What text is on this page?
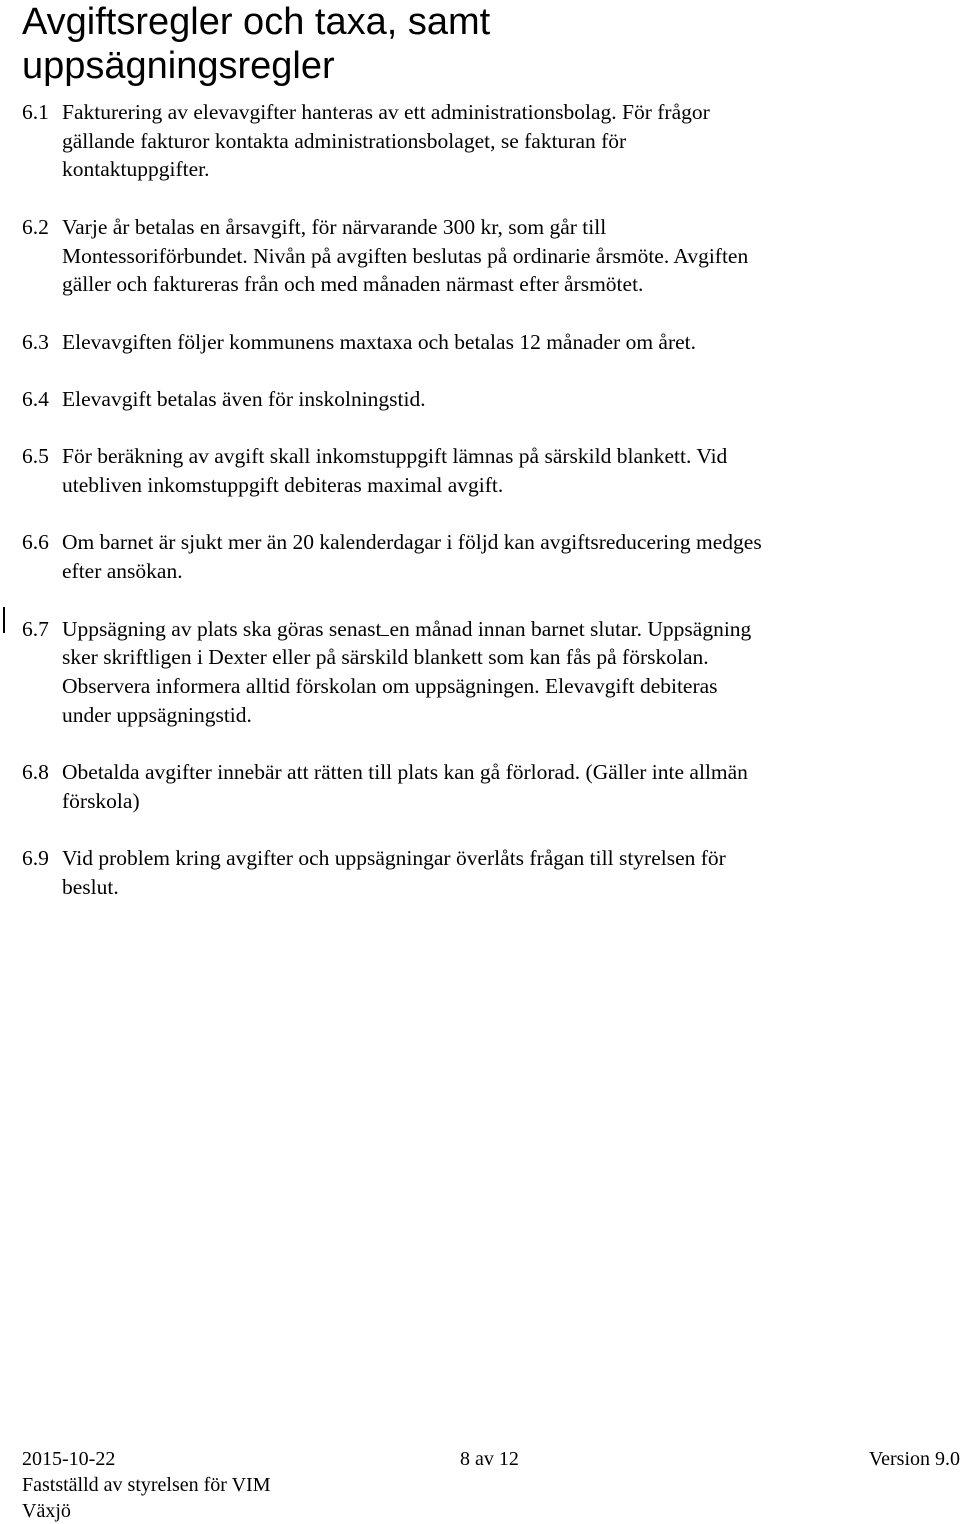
Avgiftsregler och taxa, samt
uppsägningsregler
6.1 Fakturering av elevavgifter hanteras av ett administrationsbolag. För frågor gällande fakturor kontakta administrationsbolaget, se fakturan för kontaktuppgifter.
6.2 Varje år betalas en årsavgift, för närvarande 300 kr, som går till Montessoriförbundet. Nivån på avgiften beslutas på ordinarie årsmöte. Avgiften gäller och faktureras från och med månaden närmast efter årsmötet.
6.3 Elevavgiften följer kommunens maxtaxa och betalas 12 månader om året.
6.4 Elevavgift betalas även för inskolningstid.
6.5 För beräkning av avgift skall inkomstuppgift lämnas på särskild blankett. Vid utebliven inkomstuppgift debiteras maximal avgift.
6.6 Om barnet är sjukt mer än 20 kalenderdagar i följd kan avgiftsreducering medges efter ansökan.
6.7 Uppsägning av plats ska göras senast en månad innan barnet slutar. Uppsägning sker skriftligen i Dexter eller på särskild blankett som kan fås på förskolan. Observera informera alltid förskolan om uppsägningen. Elevavgift debiteras under uppsägningstid.
6.8 Obetalda avgifter innebär att rätten till plats kan gå förlorad. (Gäller inte allmän förskola)
6.9 Vid problem kring avgifter och uppsägningar överlåts frågan till styrelsen för beslut.
2015-10-22	8 av 12	Version 9.0
Fastställd av styrelsen för VIM
Växjö
